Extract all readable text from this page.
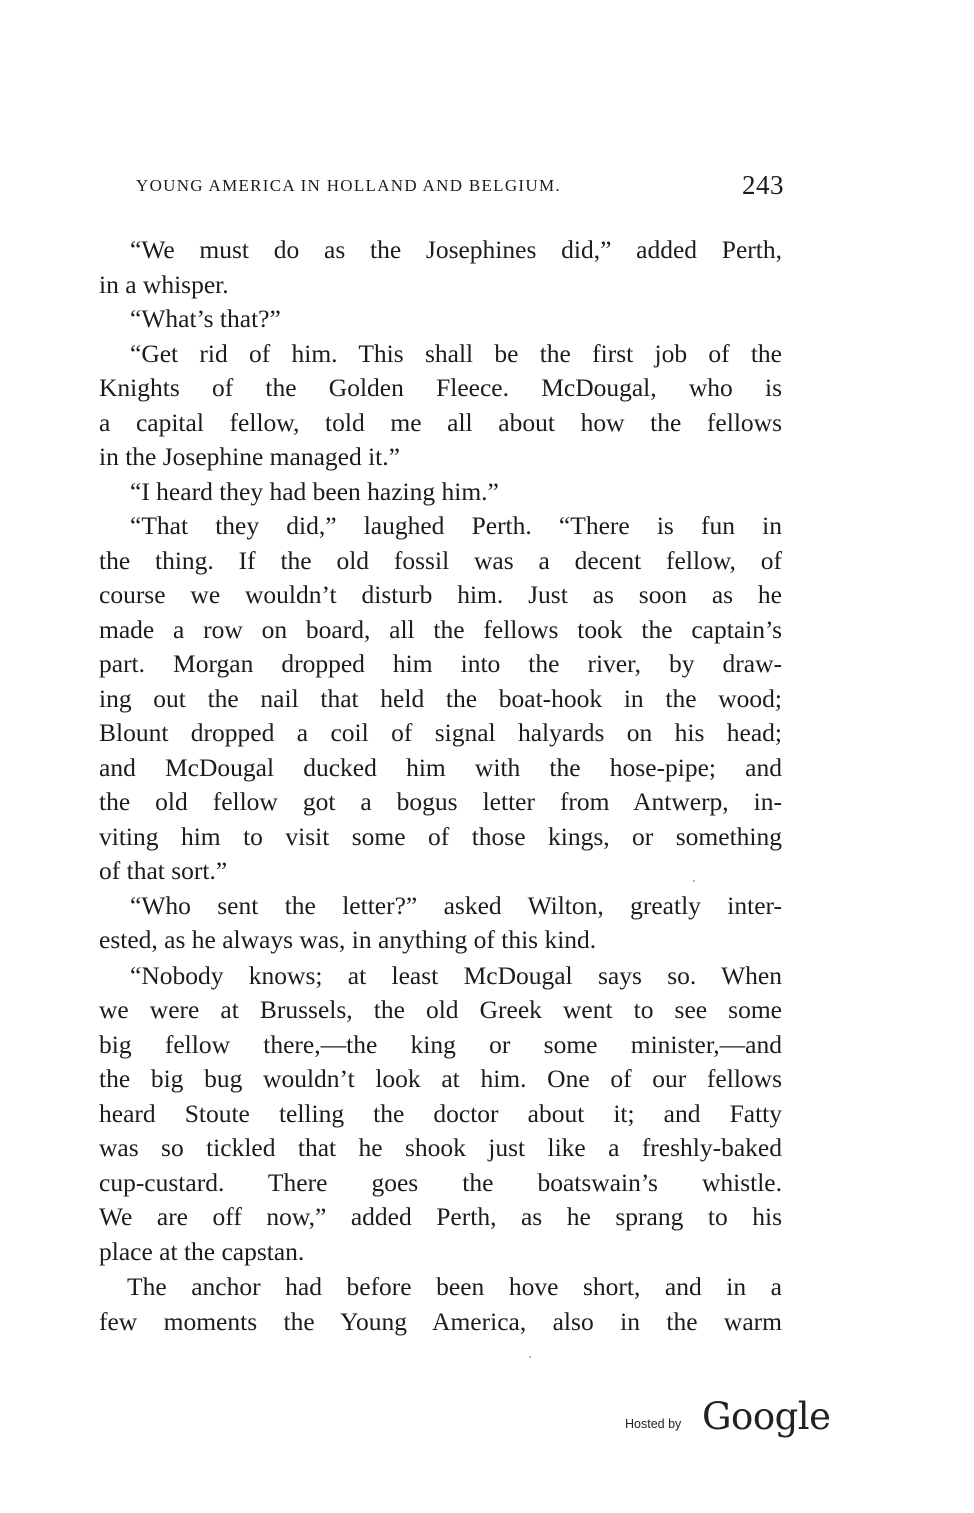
YOUNG AMERICA IN HOLLAND AND BELGIUM.	243
“We must do as the Josephines did,” added Perth,
in a whisper.
“What’s that?”
“Get rid of him. This shall be the first job of the
Knights of the Golden Fleece. McDougal, who is
a capital fellow, told me all about how the fellows
in the Josephine managed it.”
“I heard they had been hazing him.”
“That they did,” laughed Perth. “There is fun in
the thing. If the old fossil was a decent fellow, of
course we wouldn’t disturb him. Just as soon as he
made a row on board, all the fellows took the captain’s
part. Morgan dropped him into the river, by draw-
ing out the nail that held the boat-hook in the wood;
Blount dropped a coil of signal halyards on his head;
and McDougal ducked him with the hose-pipe; and
the old fellow got a bogus letter from Antwerp, in-
viting him to visit some of those kings, or something
of that sort.”
“Who sent the letter?” asked Wilton, greatly inter-
ested, as he always was, in anything of this kind.
“Nobody knows; at least McDougal says so. When
we were at Brussels, the old Greek went to see some
big fellow there,—the king or some minister,—and
the big bug wouldn’t look at him. One of our fellows
heard Stoute telling the doctor about it; and Fatty
was so tickled that he shook just like a freshly-baked
cup-custard. There goes the boatswain’s whistle.
We are off now,” added Perth, as he sprang to his
place at the capstan.
The anchor had before been hove short, and in a
few moments the Young America, also in the warm
Hosted by Google
